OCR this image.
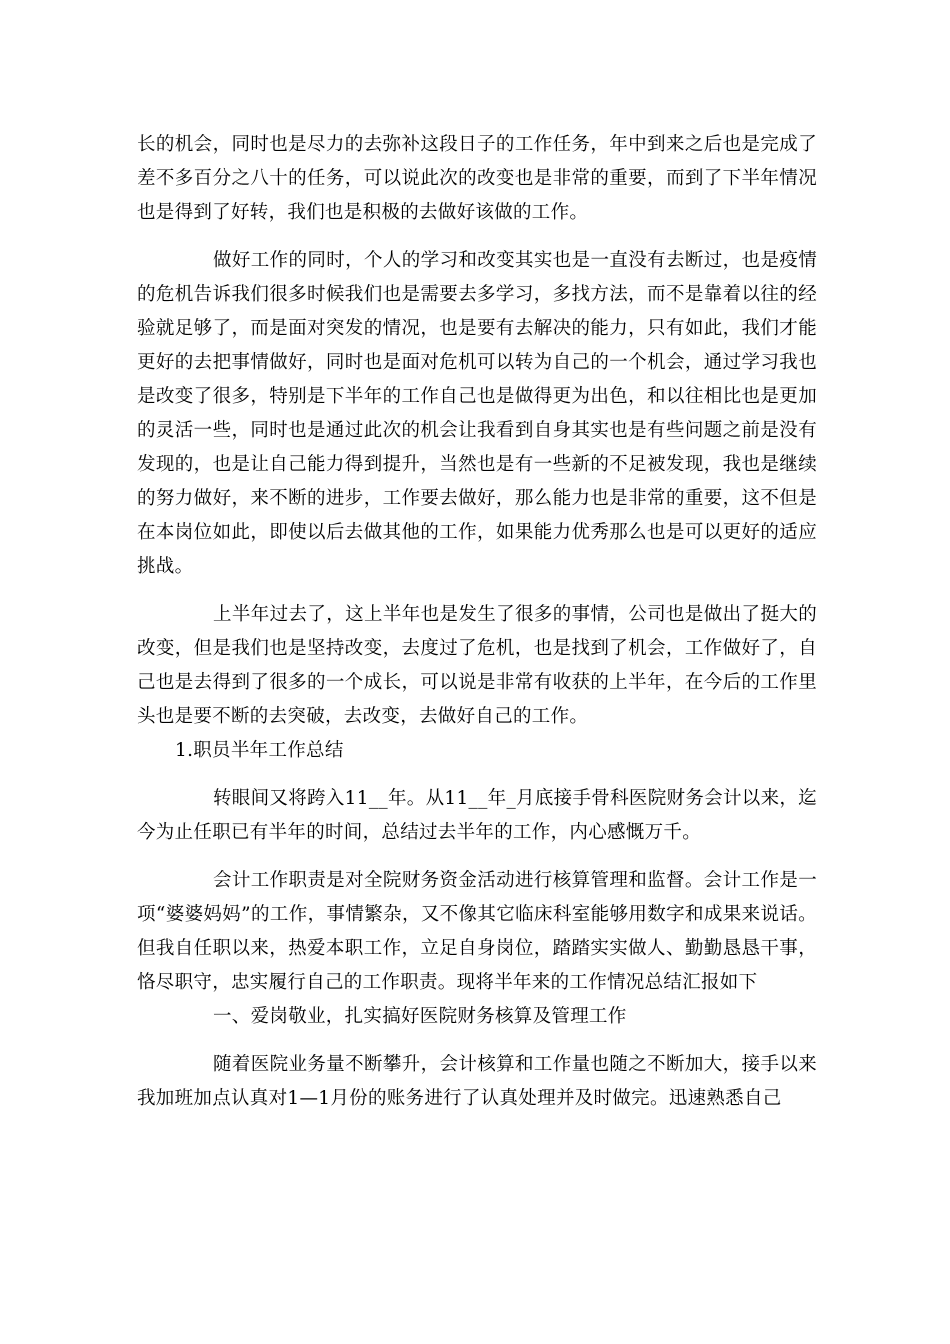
长的机会，同时也是尽力的去弥补这段日子的工作任务，年中到来之后也是完成了差不多百分之八十的任务，可以说此次的改变也是非常的重要，而到了下半年情况也是得到了好转，我们也是积极的去做好该做的工作。

做好工作的同时，个人的学习和改变其实也是一直没有去断过，也是疫情的危机告诉我们很多时候我们也是需要去多学习，多找方法，而不是靠着以往的经验就足够了，而是面对突发的情况，也是要有去解决的能力，只有如此，我们才能更好的去把事情做好，同时也是面对危机可以转为自己的一个机会，通过学习我也是改变了很多，特别是下半年的工作自己也是做得更为出色，和以往相比也是更加的灵活一些，同时也是通过此次的机会让我看到自身其实也是有些问题之前是没有发现的，也是让自己能力得到提升，当然也是有一些新的不足被发现，我也是继续的努力做好，来不断的进步，工作要去做好，那么能力也是非常的重要，这不但是在本岗位如此，即使以后去做其他的工作，如果能力优秀那么也是可以更好的适应挑战。

上半年过去了，这上半年也是发生了很多的事情，公司也是做出了挺大的改变，但是我们也是坚持改变，去度过了危机，也是找到了机会，工作做好了，自己也是去得到了很多的一个成长，可以说是非常有收获的上半年，在今后的工作里头也是要不断的去突破，去改变，去做好自己的工作。

1.职员半年工作总结

转眼间又将跨入11__年。从11__年_月底接手骨科医院财务会计以来，迄今为止任职已有半年的时间，总结过去半年的工作，内心感慨万千。

会计工作职责是对全院财务资金活动进行核算管理和监督。会计工作是一项“婆婆妈妈”的工作，事情繁杂，又不像其它临床科室能够用数字和成果来说话。但我自任职以来，热爱本职工作，立足自身岗位，踏踏实实做人、勤勤恳恳干事，恪尽职守，忠实履行自己的工作职责。现将半年来的工作情况总结汇报如下

一、爱岗敬业，扎实搞好医院财务核算及管理工作

随着医院业务量不断攀升，会计核算和工作量也随之不断加大，接手以来我加班加点认真对1—1月份的账务进行了认真处理并及时做完。迅速熟悉自己
